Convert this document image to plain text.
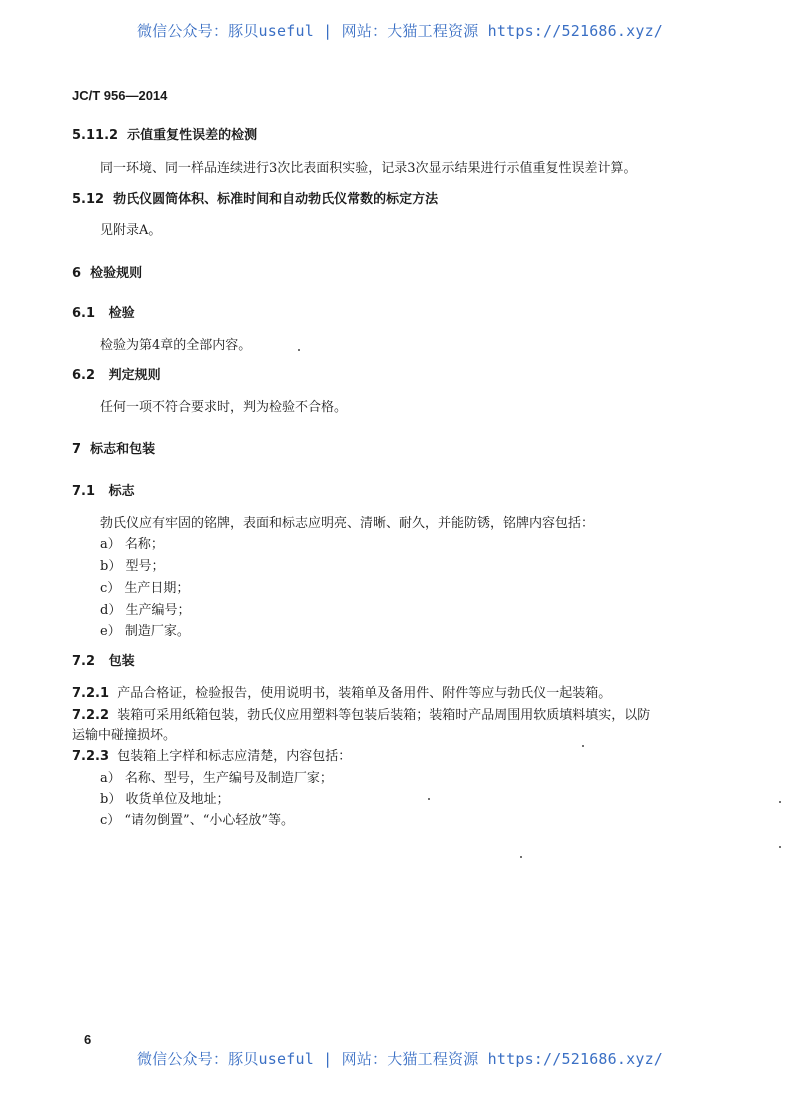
微信公众号：豚贝useful | 网站：大猫工程资源 https://521686.xyz/
JC/T 956—2014
5.11.2 示值重复性误差的检测
同一环境、同一样品连续进行3次比表面积实验，记录3次显示结果进行示值重复性误差计算。
5.12 勃氏仪圆筒体积、标准时间和自动勃氏仪常数的标定方法
见附录A。
6 检验规则
6.1 检验
检验为第4章的全部内容。
6.2 判定规则
任何一项不符合要求时，判为检验不合格。
7 标志和包装
7.1 标志
勃氏仪应有牢固的铭牌，表面和标志应明亮、清晰、耐久，并能防锈，铭牌内容包括：
a） 名称；
b） 型号；
c） 生产日期；
d） 生产编号；
e） 制造厂家。
7.2 包装
7.2.1 产品合格证，检验报告，使用说明书，装箱单及备用件、附件等应与勃氏仪一起装箱。
7.2.2 装箱可采用纸箱包装，勃氏仪应用塑料等包装后装箱；装箱时产品周围用软质填料填实，以防
运输中碰撞损坏。
7.2.3 包装箱上字样和标志应清楚，内容包括：
a） 名称、型号，生产编号及制造厂家；
b） 收货单位及地址；
c） “请勿倒置”、“小心轻放”等。
6
微信公众号：豚贝useful | 网站：大猫工程资源 https://521686.xyz/
